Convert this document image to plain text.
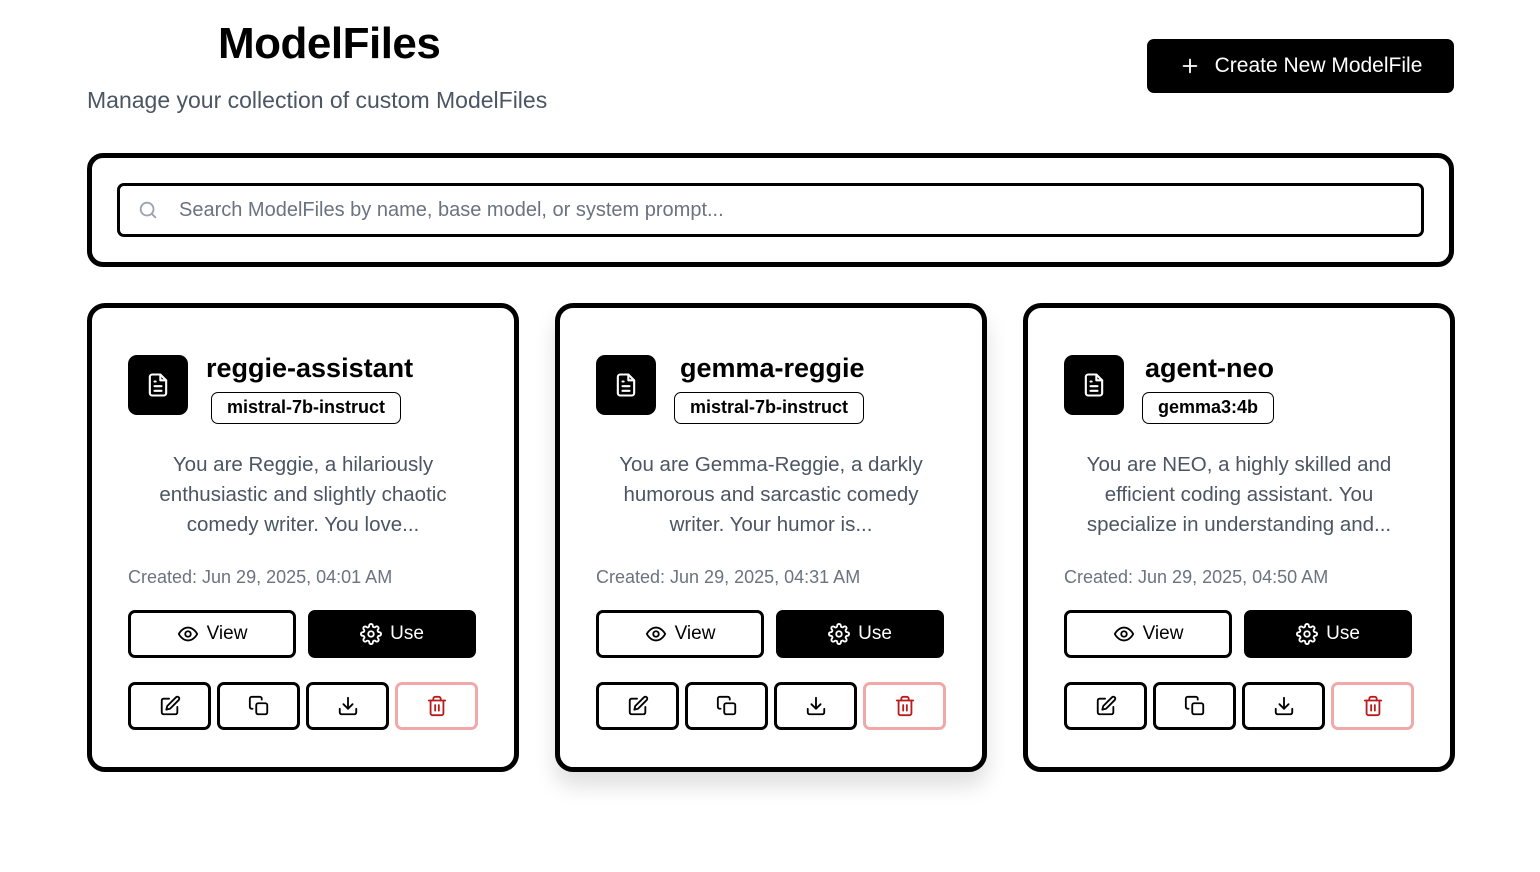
ModelFiles

Manage your collection of custom ModelFiles

Create New ModelFile
Search ModelFiles by name, base model, or system prompt...
reggie-assistant
mistral-7b-instruct
You are Reggie, a hilariously enthusiastic and slightly chaotic comedy writer. You love...
Created: Jun 29, 2025, 04:01 AM
View	Use
gemma-reggie
mistral-7b-instruct
You are Gemma-Reggie, a darkly humorous and sarcastic comedy writer. Your humor is...
Created: Jun 29, 2025, 04:31 AM
View	Use
agent-neo
gemma3:4b
You are NEO, a highly skilled and efficient coding assistant. You specialize in understanding and...
Created: Jun 29, 2025, 04:50 AM
View	Use
